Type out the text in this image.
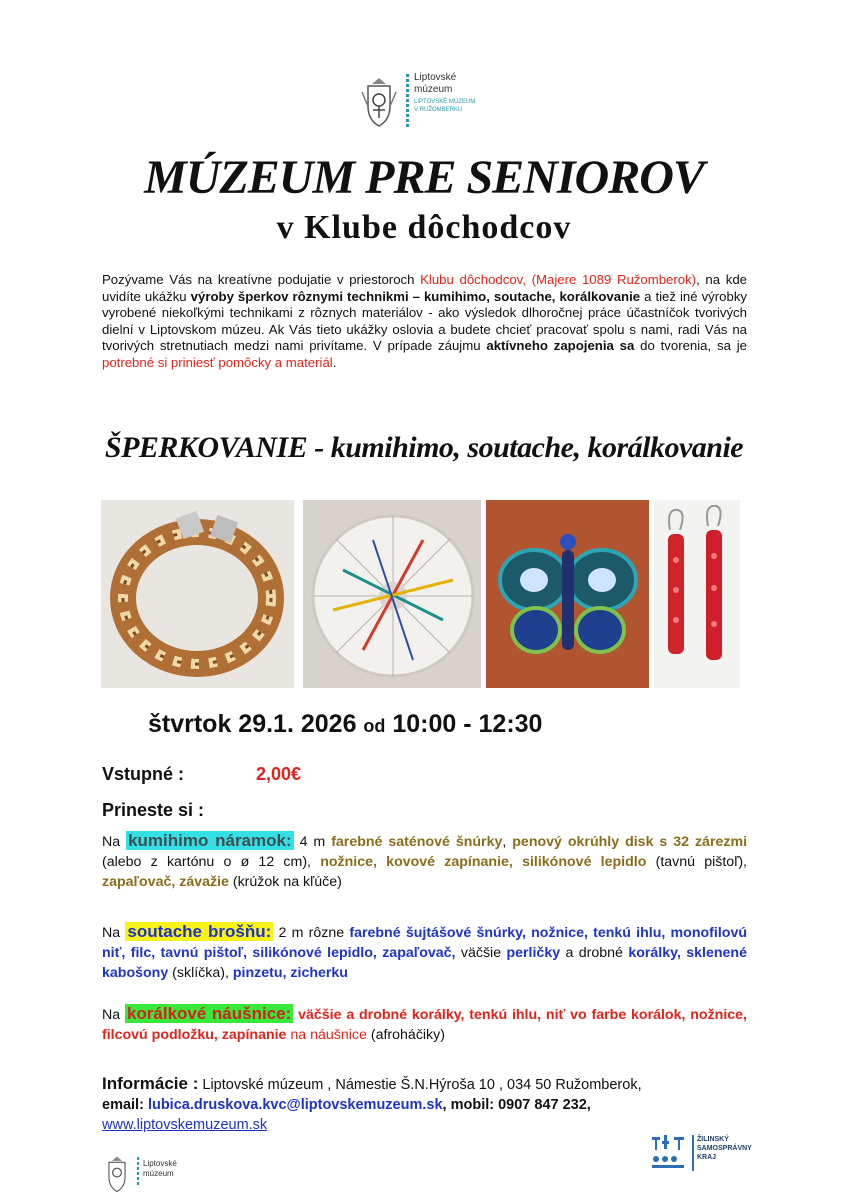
Liptovské
múzeum
LIPTOVSKÉ MÚZEUM
V RUŽOMBERKU
MÚZEUM PRE SENIOROV
v Klube dôchodcov
Pozývame Vás na kreatívne podujatie v priestoroch Klubu dôchodcov, (Majere 1089 Ružomberok), na kde uvidíte ukážku výroby šperkov rôznymi technikmi – kumihimo, soutache, korálkovanie a tiež iné výrobky vyrobené niekoľkými technikami z rôznych materiálov - ako výsledok dlhoročnej práce účastníčok tvorivých dielní v Liptovskom múzeu. Ak Vás tieto ukážky oslovia a budete chcieť pracovať spolu s nami, radi Vás na tvorivých stretnutiach medzi nami privítame. V prípade záujmu aktívneho zapojenia sa do tvorenia, sa je potrebné si priniesť pomôcky a materiál.
ŠPERKOVANIE - kumihimo, soutache, korálkovanie
štvrtok 29.1. 2026 od 10:00 - 12:30
Vstupné :	2,00€
Prineste si :
Na kumihimo náramok: 4 m farebné saténové šnúrky, penový okrúhly disk s 32 zárezmi (alebo z kartónu o ø 12 cm), nožnice, kovové zapínanie, silikónové lepidlo (tavnú pištoľ), zapaľovač, závažie (krúžok na kľúče)
Na soutache brošňu: 2 m rôzne farebné šujtášové šnúrky, nožnice, tenkú ihlu, monofilovú niť, filc, tavnú pištoľ, silikónové lepidlo, zapaľovač, väčšie perličky a drobné korálky, sklenené kabošony (sklíčka), pinzetu, zicherku
Na korálkové náušnice: väčšie a drobné korálky, tenkú ihlu, niť vo farbe korálok, nožnice, filcovú podložku, zapínanie na náušnice (afroháčiky)
Informácie : Liptovské múzeum , Námestie Š.N.Hýroša 10 , 034 50 Ružomberok,
email: lubica.druskova.kvc@liptovskemuzeum.sk, mobil: 0907 847 232,
www.liptovskemuzeum.sk
Liptovské
múzeum
ŽILINSKÝ
SAMOSPRÁVNY
KRAJ
